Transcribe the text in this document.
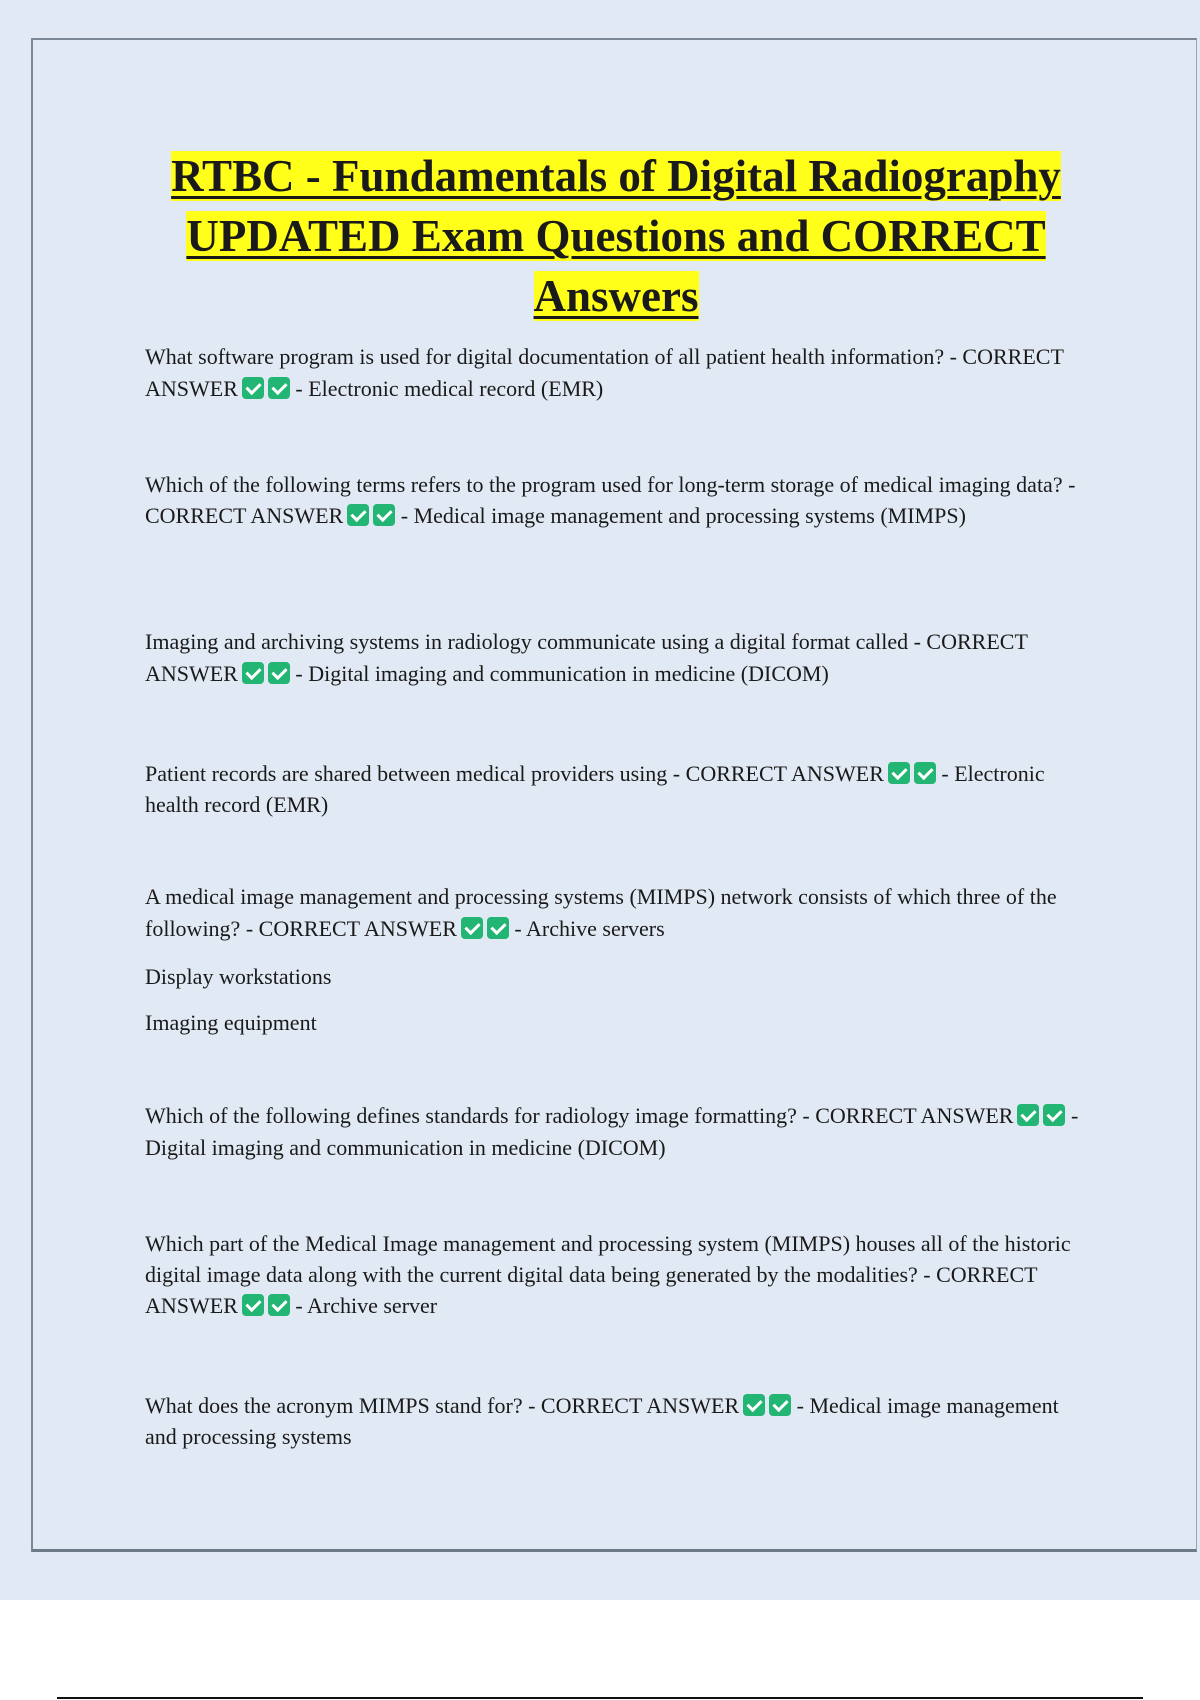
RTBC - Fundamentals of Digital Radiography UPDATED Exam Questions and CORRECT Answers

What software program is used for digital documentation of all patient health information? - CORRECT ANSWER - Electronic medical record (EMR)

Which of the following terms refers to the program used for long-term storage of medical imaging data? - CORRECT ANSWER - Medical image management and processing systems (MIMPS)

Imaging and archiving systems in radiology communicate using a digital format called - CORRECT ANSWER - Digital imaging and communication in medicine (DICOM)

Patient records are shared between medical providers using - CORRECT ANSWER - Electronic health record (EMR)

A medical image management and processing systems (MIMPS) network consists of which three of the following? - CORRECT ANSWER - Archive servers

Display workstations

Imaging equipment

Which of the following defines standards for radiology image formatting? - CORRECT ANSWER - Digital imaging and communication in medicine (DICOM)

Which part of the Medical Image management and processing system (MIMPS) houses all of the historic digital image data along with the current digital data being generated by the modalities? - CORRECT ANSWER - Archive server

What does the acronym MIMPS stand for? - CORRECT ANSWER - Medical image management and processing systems
